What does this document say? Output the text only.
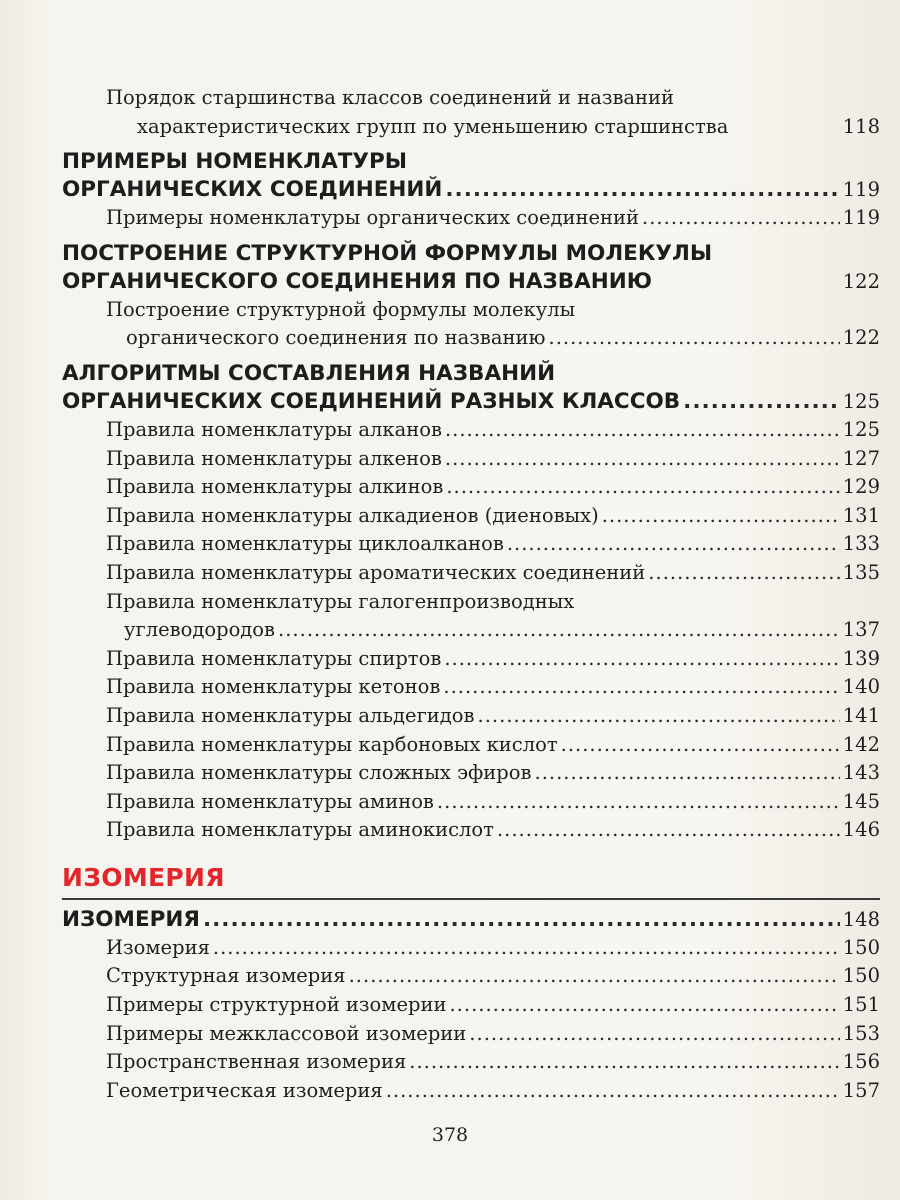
Порядок старшинства классов соединений и названий
характеристических групп по уменьшению старшинства	118
ПРИМЕРЫ НОМЕНКЛАТУРЫ
ОРГАНИЧЕСКИХ СОЕДИНЕНИЙ .....	119
Примеры номенклатуры органических соединений .....	119
ПОСТРОЕНИЕ СТРУКТУРНОЙ ФОРМУЛЫ МОЛЕКУЛЫ
ОРГАНИЧЕСКОГО СОЕДИНЕНИЯ ПО НАЗВАНИЮ	122
Построение структурной формулы молекулы
органического соединения по названию .....	122
АЛГОРИТМЫ СОСТАВЛЕНИЯ НАЗВАНИЙ
ОРГАНИЧЕСКИХ СОЕДИНЕНИЙ РАЗНЫХ КЛАССОВ .....	125
Правила номенклатуры алканов .....	125
Правила номенклатуры алкенов .....	127
Правила номенклатуры алкинов .....	129
Правила номенклатуры алкадиенов (диеновых) .....	131
Правила номенклатуры циклоалканов .....	133
Правила номенклатуры ароматических соединений .....	135
Правила номенклатуры галогенпроизводных
углеводородов .....	137
Правила номенклатуры спиртов .....	139
Правила номенклатуры кетонов .....	140
Правила номенклатуры альдегидов .....	141
Правила номенклатуры карбоновых кислот .....	142
Правила номенклатуры сложных эфиров .....	143
Правила номенклатуры аминов .....	145
Правила номенклатуры аминокислот .....	146
ИЗОМЕРИЯ
ИЗОМЕРИЯ .....	148
Изомерия .....	150
Структурная изомерия .....	150
Примеры структурной изомерии .....	151
Примеры межклассовой изомерии .....	153
Пространственная изомерия .....	156
Геометрическая изомерия .....	157
378
